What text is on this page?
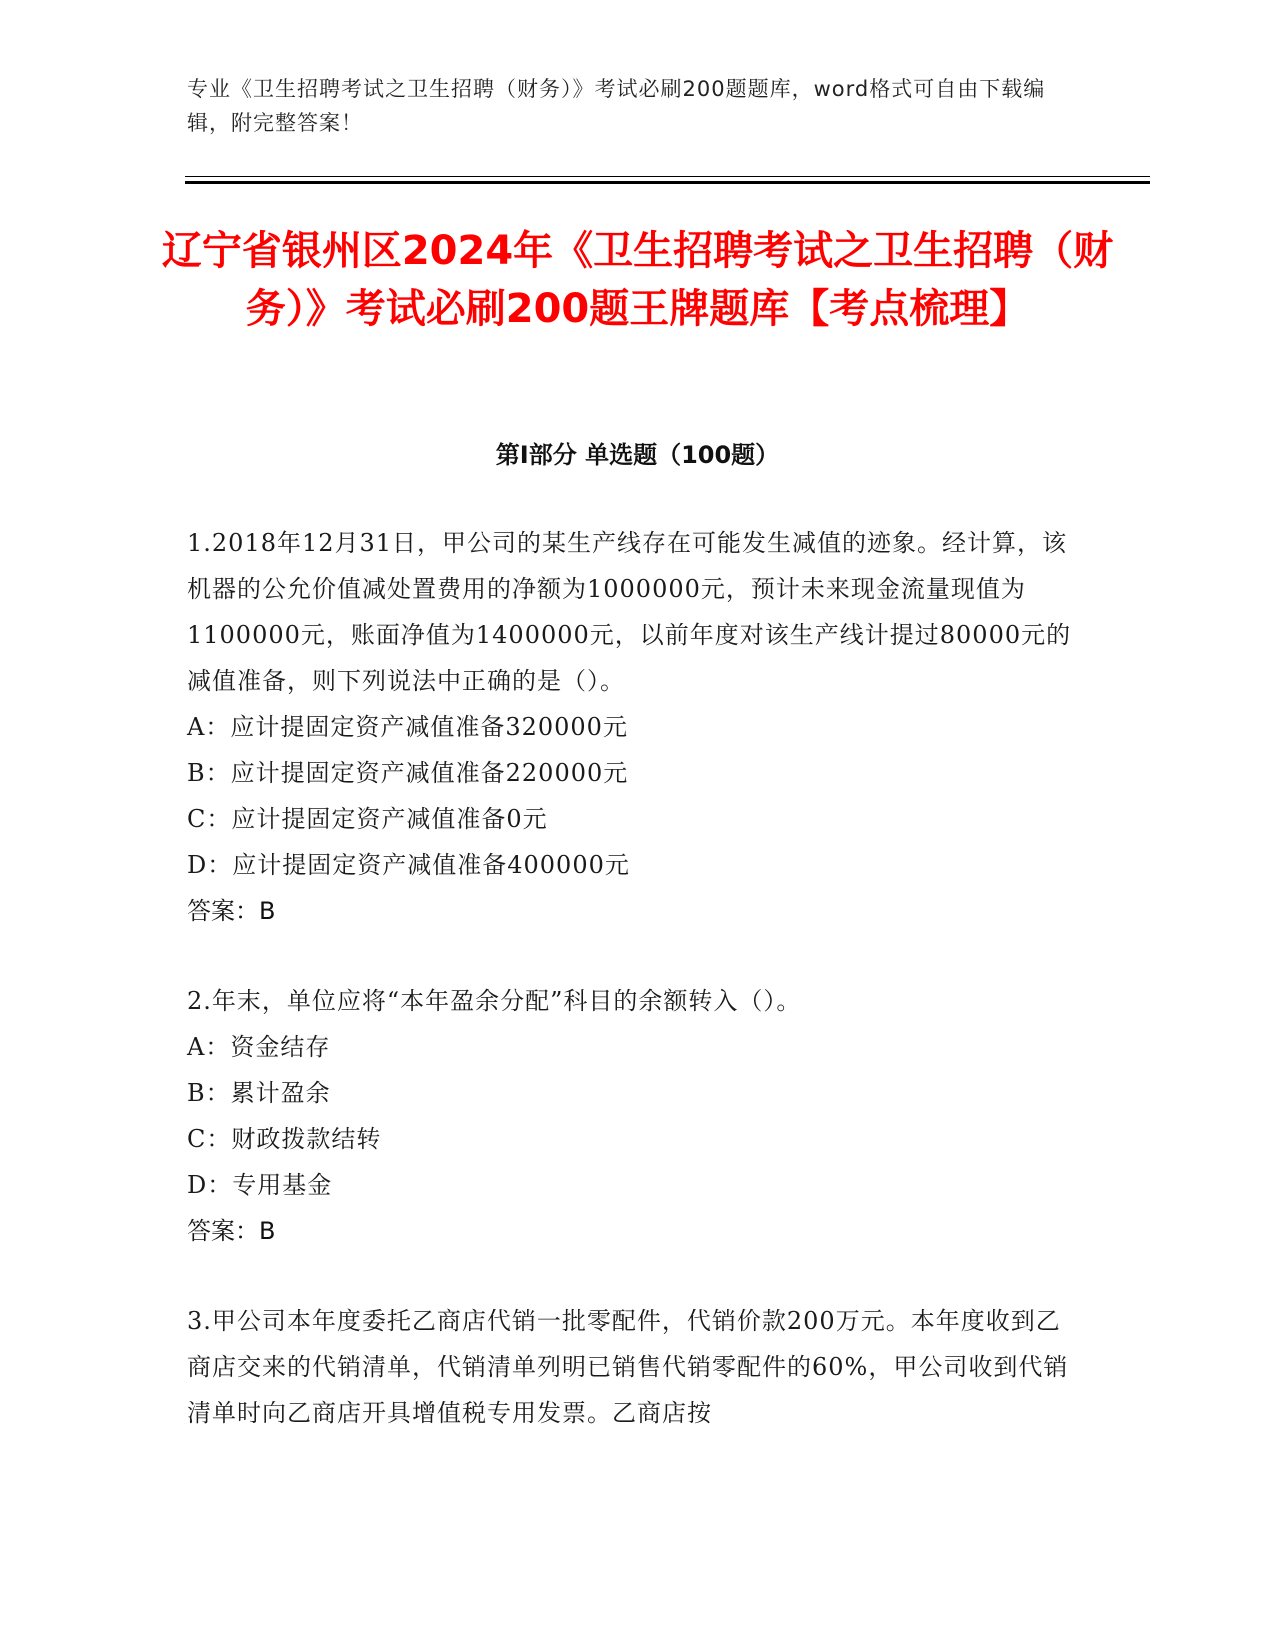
专业《卫生招聘考试之卫生招聘（财务）》考试必刷200题题库，word格式可自由下载编辑，附完整答案！
辽宁省银州区2024年《卫生招聘考试之卫生招聘（财务）》考试必刷200题王牌题库【考点梳理】
第Ⅰ部分 单选题（100题）
1.2018年12月31日，甲公司的某生产线存在可能发生减值的迹象。经计算，该机器的公允价值减处置费用的净额为1000000元，预计未来现金流量现值为1100000元，账面净值为1400000元，以前年度对该生产线计提过80000元的减值准备，则下列说法中正确的是（）。
A：应计提固定资产减值准备320000元
B：应计提固定资产减值准备220000元
C：应计提固定资产减值准备0元
D：应计提固定资产减值准备400000元
答案：B
2.年末，单位应将“本年盈余分配”科目的余额转入（）。
A：资金结存
B：累计盈余
C：财政拨款结转
D：专用基金
答案：B
3.甲公司本年度委托乙商店代销一批零配件，代销价款200万元。本年度收到乙商店交来的代销清单，代销清单列明已销售代销零配件的60%，甲公司收到代销清单时向乙商店开具增值税专用发票。乙商店按
